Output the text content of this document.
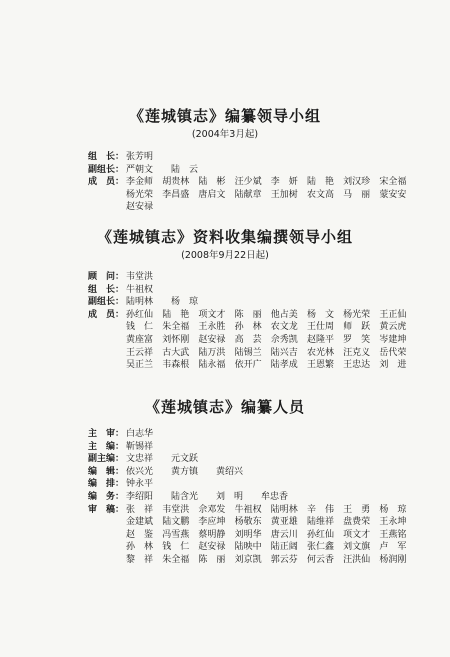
《莲城镇志》编纂领导小组
(2004年3月起)
组　长： 张芳明
副组长： 严朝文	陆　云
成　员： 李金师	胡贵林	陆　彬	汪少斌	李　妍	陆　艳	刘汉珍	宋全福
杨光荣	李昌盛	唐启文	陆献章	王加树	农文高	马　丽	蒙安安
赵安禄
《莲城镇志》资料收集编撰领导小组
(2008年9月22日起)
顾　问： 韦堂洪
组　长： 牛祖权
副组长： 陆明林	杨　琼
成　员： 孙红仙	陆　艳	项文才	陈　丽	他占美	杨　文	杨光荣	王正仙
钱　仁	朱全福	王永胜	孙　林	农文龙	王仕周	师　跃	黄云虎
黄座富	刘怀刚	赵安禄	高　芸	佘秀凯	赵隆平	罗　笑	岑建坤
王云祥	古大武	陆万洪	陆锡兰	陆兴吉	农光林	汪克义	岳代荣
吴正兰	韦森根	陆永福	依开广	陆孝成	王恩繁	王忠达	刘　进
《莲城镇志》编纂人员
主　审： 白志华
主　编： 靳锡祥
副主编： 文忠祥	元文跃
编　辑： 依兴光	黄方镇	黄绍兴
编　排： 钟永平
编　务： 李绍阳	陆含光	刘　明	牟忠香
审　稿： 张　祥	韦堂洪	佘邓发	牛祖权	陆明林	辛　伟	王　勇	杨　琼
金建斌	陆文鹏	李应坤	杨敬东	黄亚雄	陆维祥	盘费荣	王永坤
赵　鉴	冯雪燕	蔡明静	刘明华	唐云川	孙红仙	项文才	王燕铭
孙　林	钱　仁	赵安禄	陆映中	陆正阔	张仁鑫	刘文旗	卢　军
黎　祥	朱全福	陈　丽	刘京凯	郭云芬	何云香	汪洪仙	杨润刚
